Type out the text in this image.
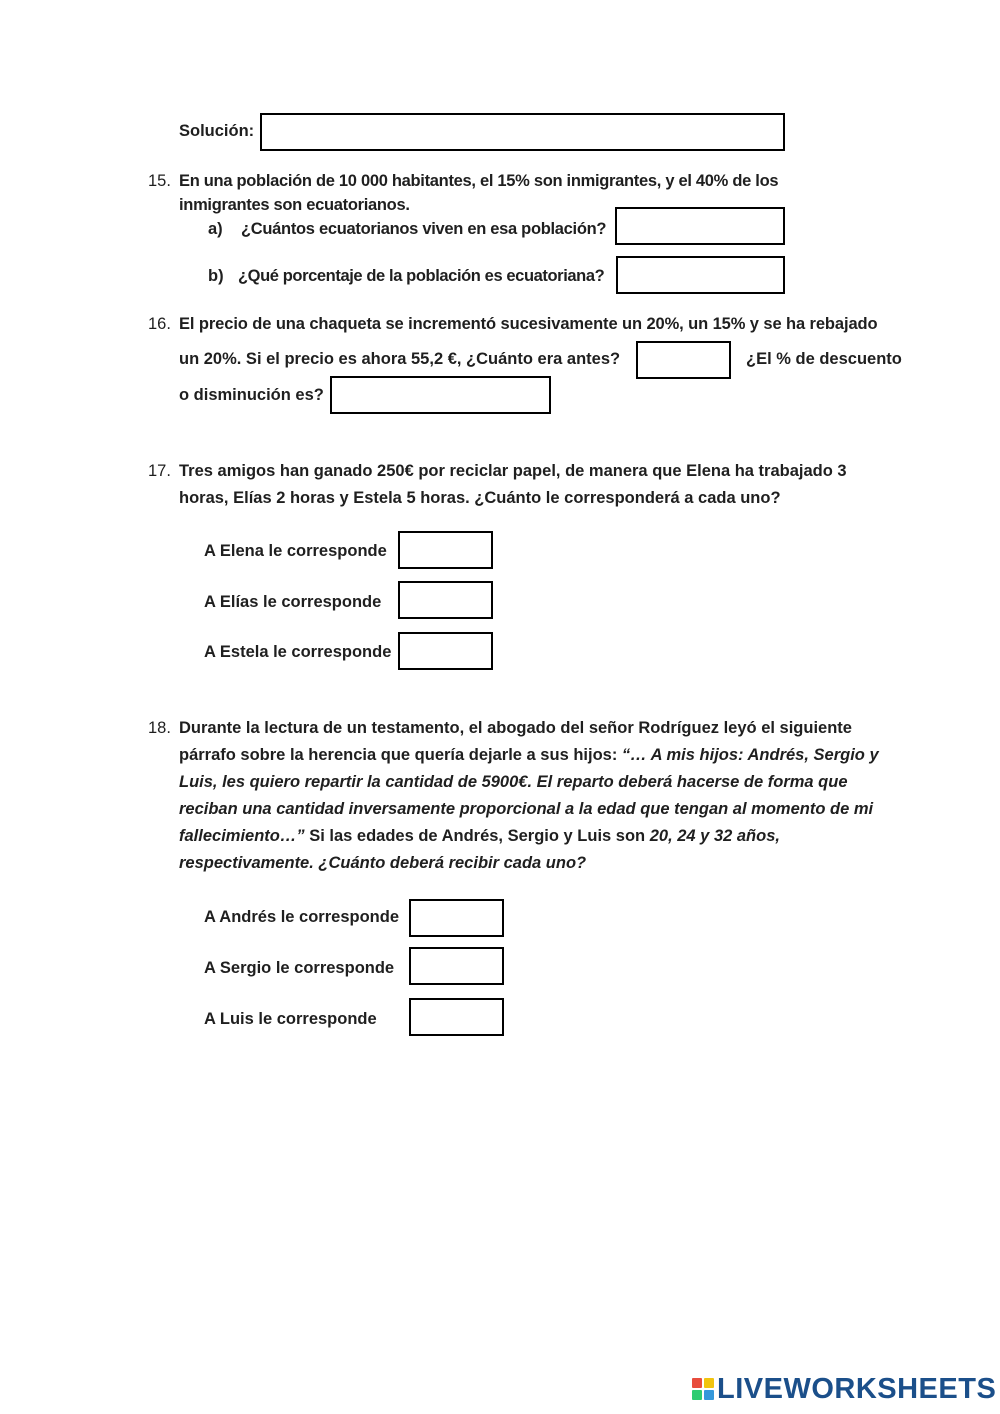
Solución:
15. En una población de 10 000 habitantes, el 15% son inmigrantes, y el 40% de los
inmigrantes son ecuatorianos.
a) ¿Cuántos ecuatorianos viven en esa población?
b) ¿Qué porcentaje de la población es ecuatoriana?
16. El precio de una chaqueta se incrementó sucesivamente un 20%, un 15% y se ha rebajado
un 20%. Si el precio es ahora 55,2 €, ¿Cuánto era antes?	¿El % de descuento
o disminución es?
17. Tres amigos han ganado 250€ por reciclar papel, de manera que Elena ha trabajado 3
horas, Elías 2 horas y Estela 5 horas. ¿Cuánto le corresponderá a cada uno?
A Elena le corresponde
A Elías le corresponde
A Estela le corresponde
18. Durante la lectura de un testamento, el abogado del señor Rodríguez leyó el siguiente
párrafo sobre la herencia que quería dejarle a sus hijos: “… A mis hijos: Andrés, Sergio y
Luis, les quiero repartir la cantidad de 5900€. El reparto deberá hacerse de forma que
reciban una cantidad inversamente proporcional a la edad que tengan al momento de mi
fallecimiento…” Si las edades de Andrés, Sergio y Luis son 20, 24 y 32 años,
respectivamente. ¿Cuánto deberá recibir cada uno?
A Andrés le corresponde
A Sergio le corresponde
A Luis le corresponde
LIVEWORKSHEETS
